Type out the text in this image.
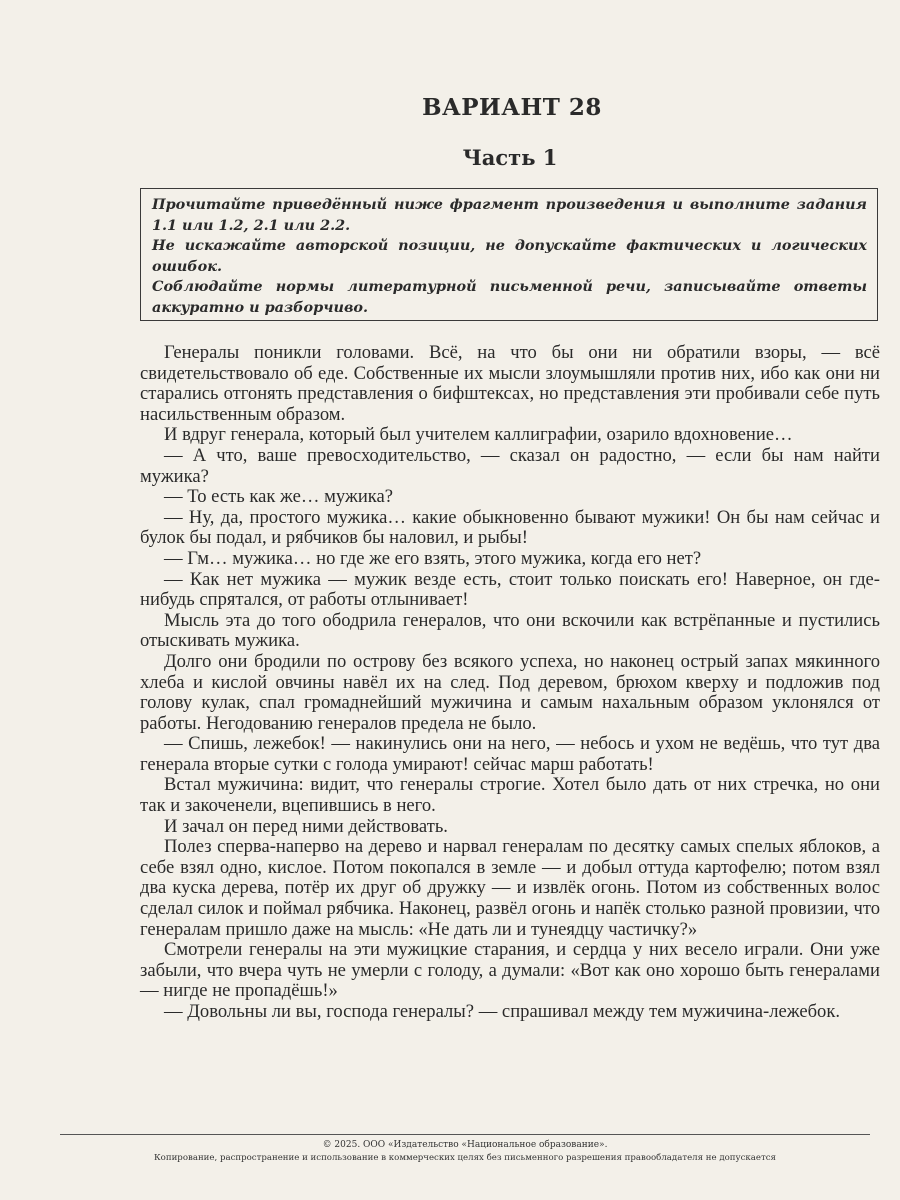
ВАРИАНТ 28
Часть 1

Прочитайте приведённый ниже фрагмент произведения и выполните задания 1.1 или 1.2, 2.1 или 2.2.

Не искажайте авторской позиции, не допускайте фактических и логических ошибок.

Соблюдайте нормы литературной письменной речи, записывайте ответы аккуратно и разборчиво.

Генералы поникли головами. Всё, на что бы они ни обратили взоры, — всё свидетельствовало об еде. Собственные их мысли злоумышляли против них, ибо как они ни старались отгонять представления о бифштексах, но представления эти пробивали себе путь насильственным образом.

И вдруг генерала, который был учителем каллиграфии, озарило вдохновение…

— А что, ваше превосходительство, — сказал он радостно, — если бы нам найти мужика?

— То есть как же… мужика?

— Ну, да, простого мужика… какие обыкновенно бывают мужики! Он бы нам сейчас и булок бы подал, и рябчиков бы наловил, и рыбы!

— Гм… мужика… но где же его взять, этого мужика, когда его нет?

— Как нет мужика — мужик везде есть, стоит только поискать его! Наверное, он где-нибудь спрятался, от работы отлынивает!

Мысль эта до того ободрила генералов, что они вскочили как встрёпанные и пустились отыскивать мужика.

Долго они бродили по острову без всякого успеха, но наконец острый запах мякинного хлеба и кислой овчины навёл их на след. Под деревом, брюхом кверху и подложив под голову кулак, спал громаднейший мужичина и самым нахальным образом уклонялся от работы. Негодованию генералов предела не было.

— Спишь, лежебок! — накинулись они на него, — небось и ухом не ведёшь, что тут два генерала вторые сутки с голода умирают! сейчас марш работать!

Встал мужичина: видит, что генералы строгие. Хотел было дать от них стречка, но они так и закоченели, вцепившись в него.

И зачал он перед ними действовать.

Полез сперва-наперво на дерево и нарвал генералам по десятку самых спелых яблоков, а себе взял одно, кислое. Потом покопался в земле — и добыл оттуда картофелю; потом взял два куска дерева, потёр их друг об дружку — и извлёк огонь. Потом из собственных волос сделал силок и поймал рябчика. Наконец, развёл огонь и напёк столько разной провизии, что генералам пришло даже на мысль: «Не дать ли и тунеядцу частичку?»

Смотрели генералы на эти мужицкие старания, и сердца у них весело играли. Они уже забыли, что вчера чуть не умерли с голоду, а думали: «Вот как оно хорошо быть генералами — нигде не пропадёшь!»

— Довольны ли вы, господа генералы? — спрашивал между тем мужичина-лежебок.

© 2025. ООО «Издательство «Национальное образование».
Копирование, распространение и использование в коммерческих целях без письменного разрешения правообладателя не допускается
